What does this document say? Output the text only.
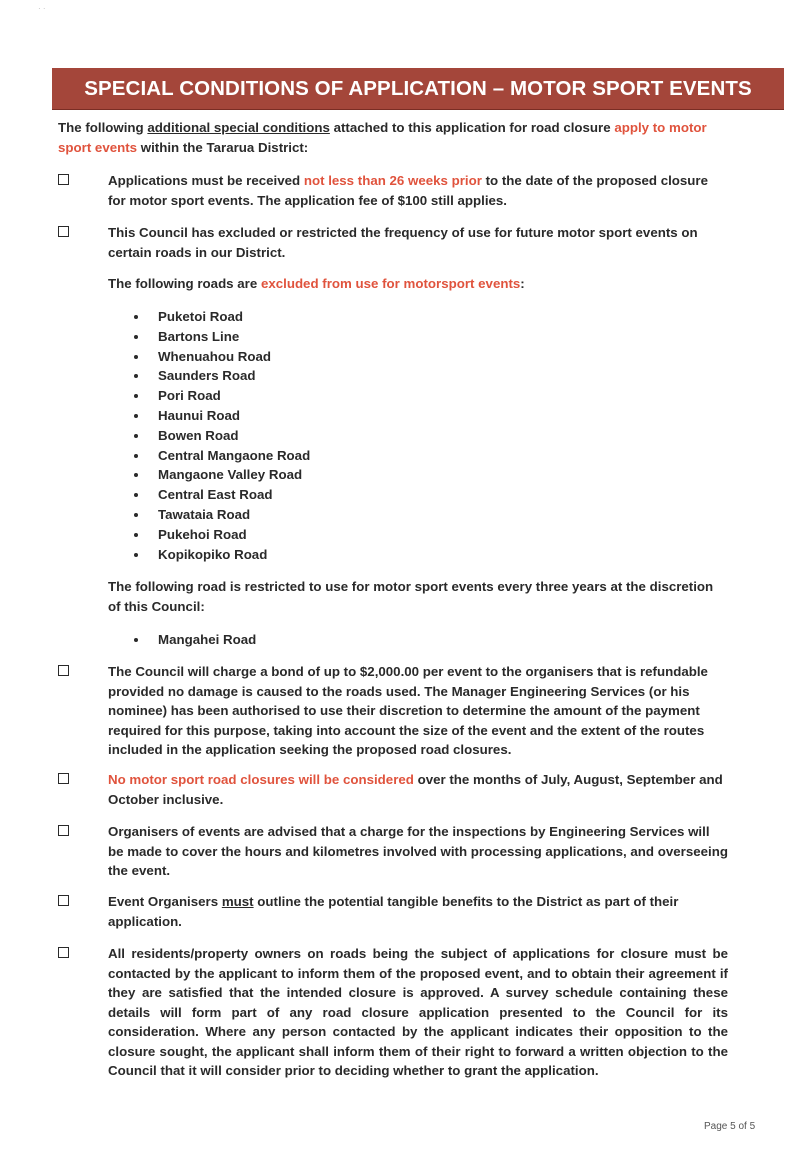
· ·
SPECIAL CONDITIONS OF APPLICATION – MOTOR SPORT EVENTS
The following additional special conditions attached to this application for road closure apply to motor sport events within the Tararua District:
Applications must be received not less than 26 weeks prior to the date of the proposed closure for motor sport events. The application fee of $100 still applies.
This Council has excluded or restricted the frequency of use for future motor sport events on certain roads in our District.
The following roads are excluded from use for motorsport events:
Puketoi Road
Bartons Line
Whenuahou Road
Saunders Road
Pori Road
Haunui Road
Bowen Road
Central Mangaone Road
Mangaone Valley Road
Central East Road
Tawataia Road
Pukehoi Road
Kopikopiko Road
The following road is restricted to use for motor sport events every three years at the discretion of this Council:
Mangahei Road
The Council will charge a bond of up to $2,000.00 per event to the organisers that is refundable provided no damage is caused to the roads used. The Manager Engineering Services (or his nominee) has been authorised to use their discretion to determine the amount of the payment required for this purpose, taking into account the size of the event and the extent of the routes included in the application seeking the proposed road closures.
No motor sport road closures will be considered over the months of July, August, September and October inclusive.
Organisers of events are advised that a charge for the inspections by Engineering Services will be made to cover the hours and kilometres involved with processing applications, and overseeing the event.
Event Organisers must outline the potential tangible benefits to the District as part of their application.
All residents/property owners on roads being the subject of applications for closure must be contacted by the applicant to inform them of the proposed event, and to obtain their agreement if they are satisfied that the intended closure is approved. A survey schedule containing these details will form part of any road closure application presented to the Council for its consideration. Where any person contacted by the applicant indicates their opposition to the closure sought, the applicant shall inform them of their right to forward a written objection to the Council that it will consider prior to deciding whether to grant the application.
Page 5 of 5
